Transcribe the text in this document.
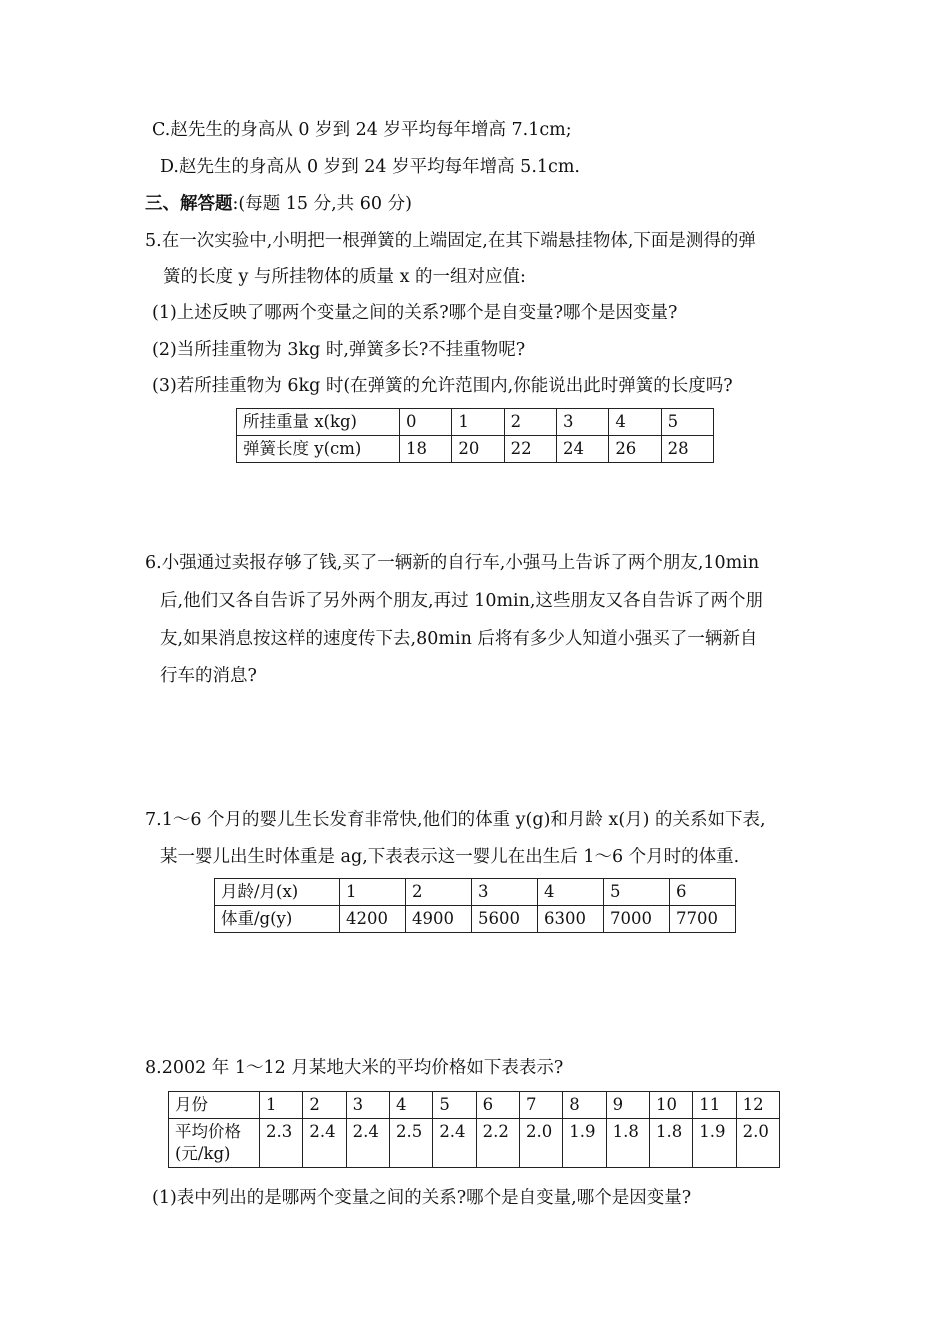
C.赵先生的身高从 0 岁到 24 岁平均每年增高 7.1cm;
D.赵先生的身高从 0 岁到 24 岁平均每年增高 5.1cm.
三、解答题:(每题 15 分,共 60 分)
5.在一次实验中,小明把一根弹簧的上端固定,在其下端悬挂物体,下面是测得的弹
簧的长度 y 与所挂物体的质量 x 的一组对应值:
(1)上述反映了哪两个变量之间的关系?哪个是自变量?哪个是因变量?
(2)当所挂重物为 3kg 时,弹簧多长?不挂重物呢?
(3)若所挂重物为 6kg 时(在弹簧的允许范围内,你能说出此时弹簧的长度吗?
所挂重量 x(kg)	0	1	2	3	4	5
弹簧长度 y(cm)	18	20	22	24	26	28
6.小强通过卖报存够了钱,买了一辆新的自行车,小强马上告诉了两个朋友,10min
后,他们又各自告诉了另外两个朋友,再过 10min,这些朋友又各自告诉了两个朋
友,如果消息按这样的速度传下去,80min 后将有多少人知道小强买了一辆新自
行车的消息?
7.1～6 个月的婴儿生长发育非常快,他们的体重 y(g)和月龄 x(月) 的关系如下表,
某一婴儿出生时体重是 ag,下表表示这一婴儿在出生后 1～6 个月时的体重.
月龄/月(x)	1	2	3	4	5	6
体重/g(y)	4200	4900	5600	6300	7000	7700
8.2002 年 1～12 月某地大米的平均价格如下表表示?
月份	1	2	3	4	5	6	7	8	9	10	11	12

平均价格
(元/kg)	2.3	2.4	2.4	2.5	2.4	2.2	2.0	1.9	1.8	1.8	1.9	2.0
(1)表中列出的是哪两个变量之间的关系?哪个是自变量,哪个是因变量?
